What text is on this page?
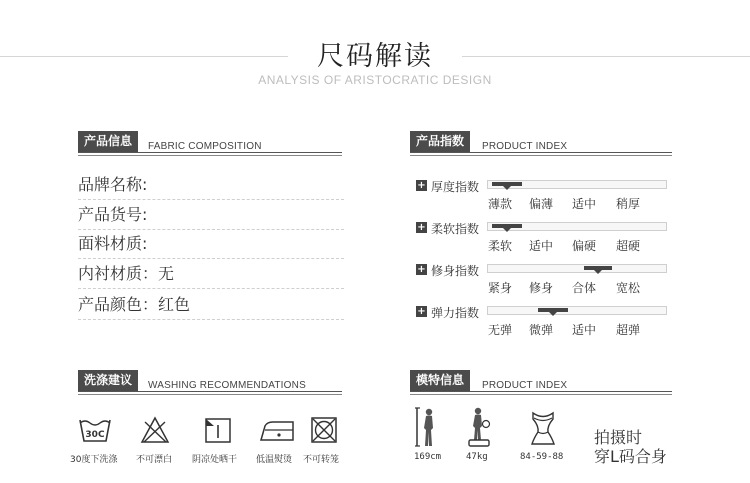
尺码解读
ANALYSIS OF ARISTOCRATIC DESIGN
产品信息	FABRIC COMPOSITION
品牌名称:
产品货号:
面料材质:
内衬材质：无
产品颜色：红色
产品指数	PRODUCT INDEX
+ 厚度指数
薄款	偏薄	适中	稍厚
+ 柔软指数
柔软	适中	偏硬	超硬
+ 修身指数
紧身	修身	合体	宽松
+ 弹力指数
无弹	微弹	适中	超弹
洗涤建议	WASHING RECOMMENDATIONS
30C
30度下洗涤 不可漂白 阴凉处晒干 低温熨烫 不可转笼
模特信息	PRODUCT INDEX
169cm	47kg	84-59-88
拍摄时
穿L码合身
